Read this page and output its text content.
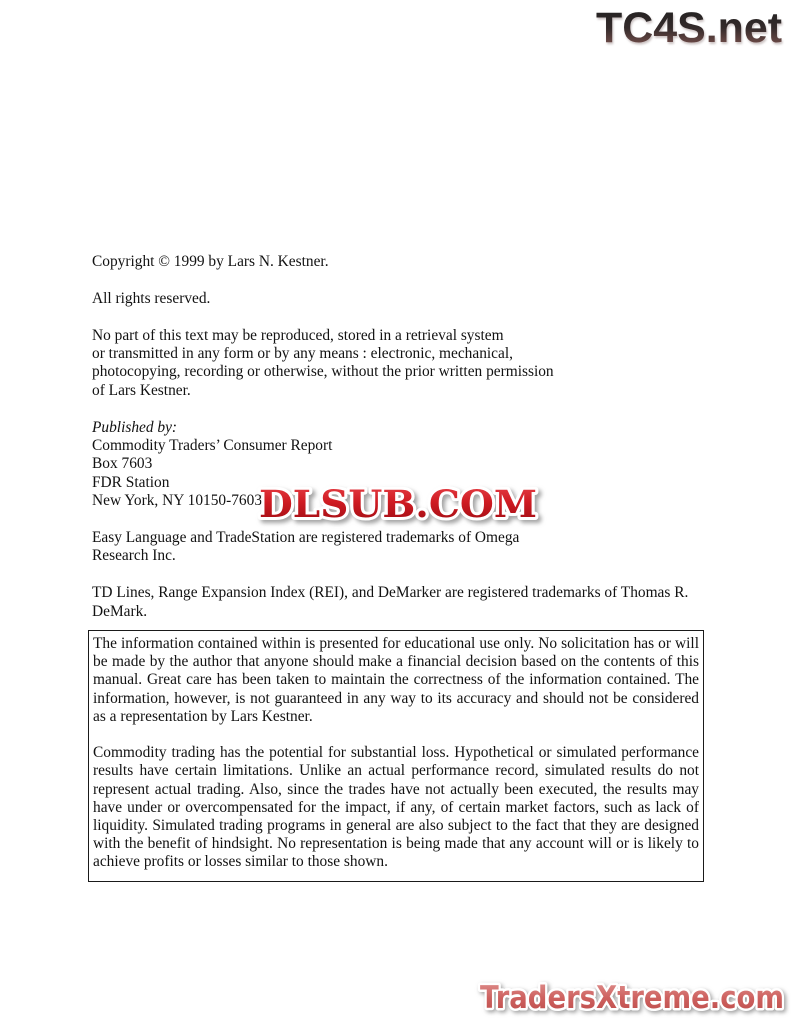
TC4S.net
Copyright © 1999 by Lars N. Kestner.
All rights reserved.
No part of this text may be reproduced, stored in a retrieval system
or transmitted in any form or by any means : electronic, mechanical,
photocopying, recording or otherwise, without the prior written permission
of Lars Kestner.
Published by:
Commodity Traders’ Consumer Report
Box 7603
FDR Station
New York, NY 10150-7603
Easy Language and TradeStation are registered trademarks of Omega
Research Inc.
TD Lines, Range Expansion Index (REI), and DeMarker are registered trademarks of Thomas R.
DeMark.
DLSUB.COM

The information contained within is presented for educational use only. No solicitation has or will be made by the author that anyone should make a financial decision based on the contents of this manual. Great care has been taken to maintain the correctness of the information contained. The information, however, is not guaranteed in any way to its accuracy and should not be considered as a representation by Lars Kestner.

Commodity trading has the potential for substantial loss. Hypothetical or simulated performance results have certain limitations. Unlike an actual performance record, simulated results do not represent actual trading. Also, since the trades have not actually been executed, the results may have under or overcompensated for the impact, if any, of certain market factors, such as lack of liquidity. Simulated trading programs in general are also subject to the fact that they are designed with the benefit of hindsight. No representation is being made that any account will or is likely to achieve profits or losses similar to those shown.

TradersXtreme.com
